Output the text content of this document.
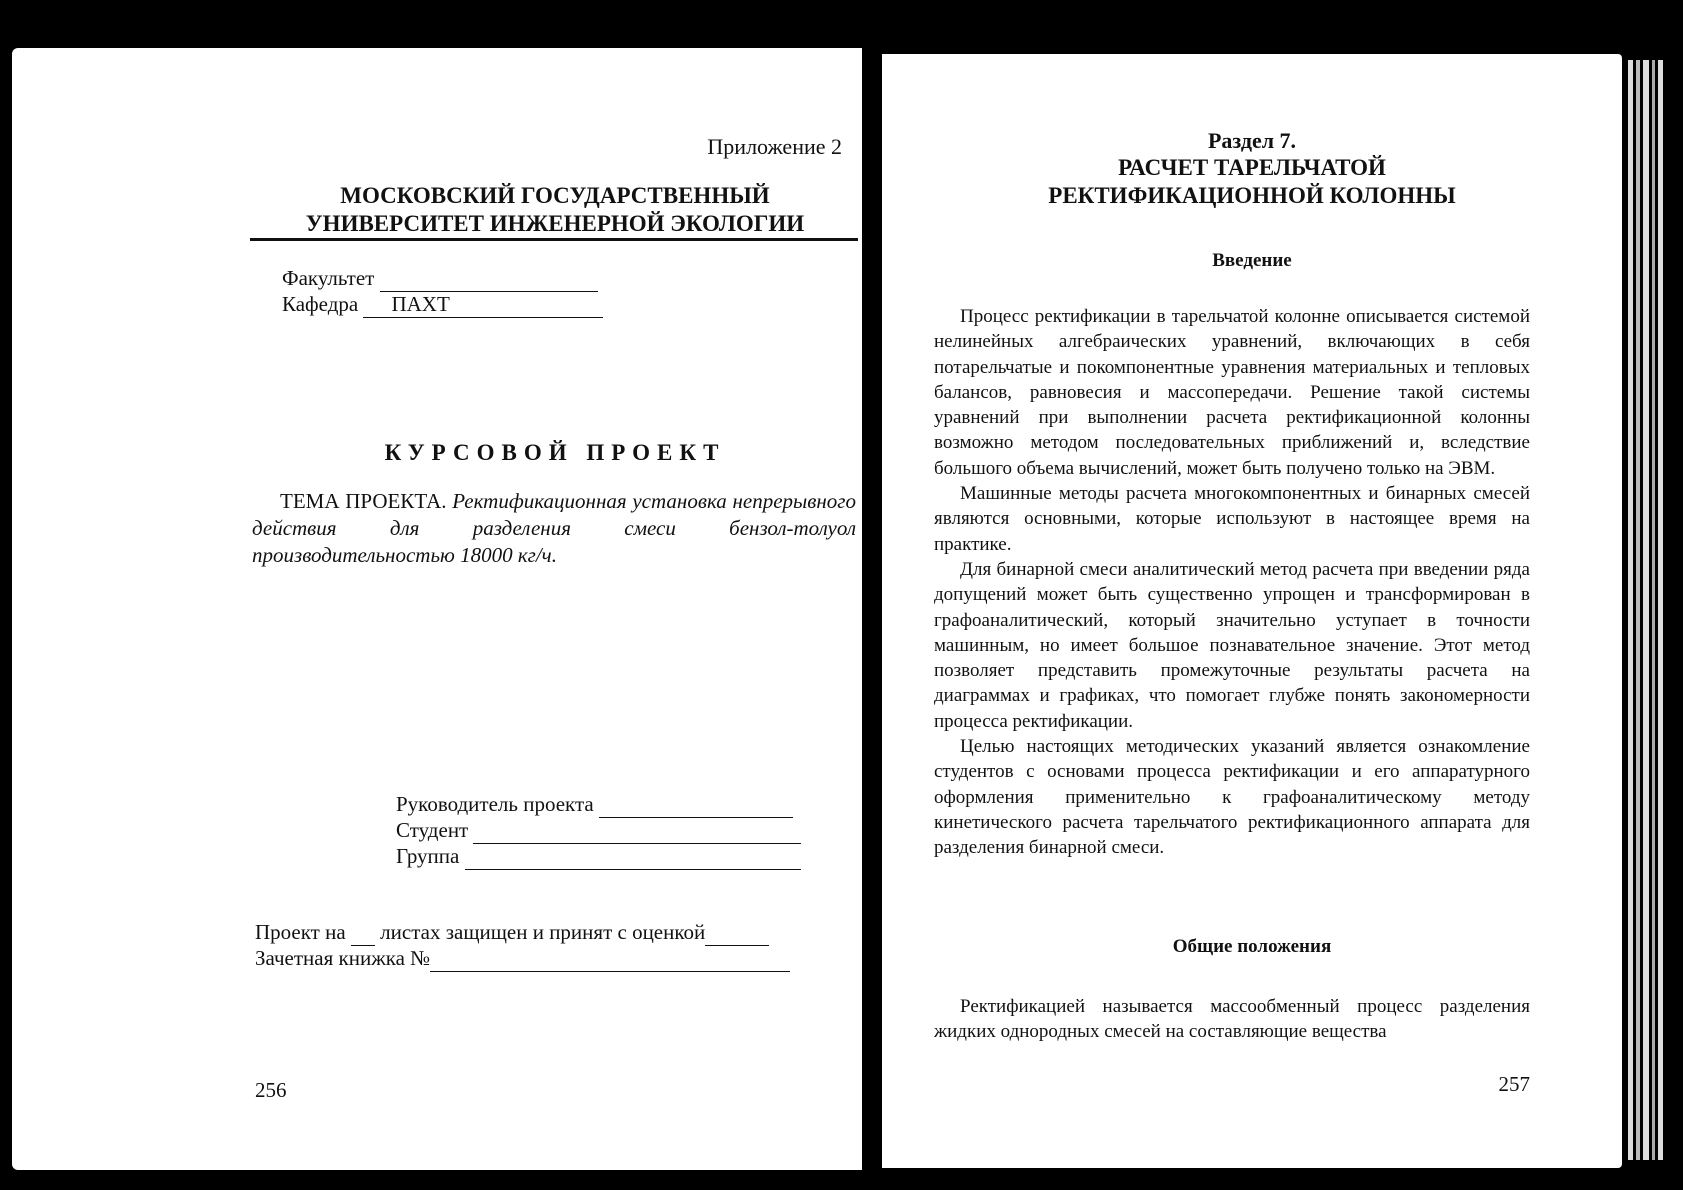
Приложение 2
МОСКОВСКИЙ ГОСУДАРСТВЕННЫЙ
УНИВЕРСИТЕТ ИНЖЕНЕРНОЙ ЭКОЛОГИИ
Факультет
Кафедра ПАХТ
КУРСОВОЙ ПРОЕКТ
ТЕМА ПРОЕКТА. Ректификационная установка непрерывного действия для разделения смеси бензол-толуол производительностью 18000 кг/ч.
Руководитель проекта
Студент
Группа
Проект на листах защищен и принят с оценкой
Зачетная книжка №
256
Раздел 7.
РАСЧЕТ ТАРЕЛЬЧАТОЙ
РЕКТИФИКАЦИОННОЙ КОЛОННЫ
Введение

Процесс ректификации в тарельчатой колонне описывается системой нелинейных алгебраических уравнений, включающих в себя потарельчатые и покомпонентные уравнения материальных и тепловых балансов, равновесия и массопередачи. Решение такой системы уравнений при выполнении расчета ректификационной колонны возможно методом последовательных приближений и, вследствие большого объема вычислений, может быть получено только на ЭВМ.

Машинные методы расчета многокомпонентных и бинарных смесей являются основными, которые используют в настоящее время на практике.

Для бинарной смеси аналитический метод расчета при введении ряда допущений может быть существенно упрощен и трансформирован в графоаналитический, который значительно уступает в точности машинным, но имеет большое познавательное значение. Этот метод позволяет представить промежуточные результаты расчета на диаграммах и графиках, что помогает глубже понять закономерности процесса ректификации.

Целью настоящих методических указаний является ознакомление студентов с основами процесса ректификации и его аппаратурного оформления применительно к графоаналитическому методу кинетического расчета тарельчатого ректификационного аппарата для разделения бинарной смеси.

Общие положения

Ректификацией называется массообменный процесс разделения жидких однородных смесей на составляющие вещества

257
